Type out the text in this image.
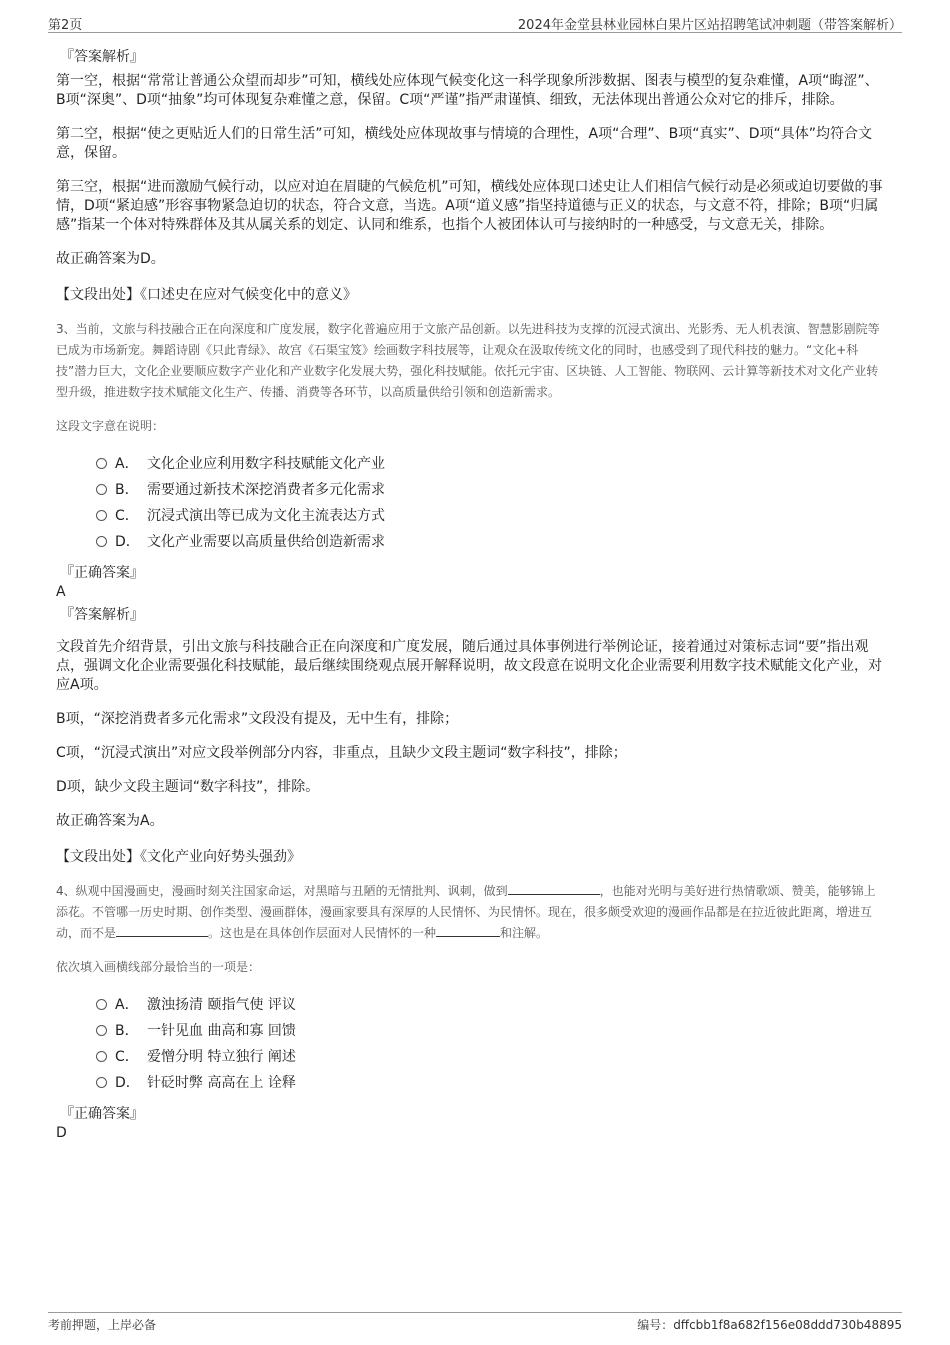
第2页	2024年金堂县林业园林白果片区站招聘笔试冲刺题（带答案解析）
『答案解析』

第一空，根据“常常让普通公众望而却步”可知，横线处应体现气候变化这一科学现象所涉数据、图表与模型的复杂难懂，A项“晦涩”、B项“深奥”、D项“抽象”均可体现复杂难懂之意，保留。C项“严谨”指严肃谨慎、细致，无法体现出普通公众对它的排斥，排除。

第二空，根据“使之更贴近人们的日常生活”可知，横线处应体现故事与情境的合理性，A项“合理”、B项“真实”、D项“具体”均符合文意，保留。

第三空，根据“进而激励气候行动，以应对迫在眉睫的气候危机”可知，横线处应体现口述史让人们相信气候行动是必须或迫切要做的事情，D项“紧迫感”形容事物紧急迫切的状态，符合文意，当选。A项“道义感”指坚持道德与正义的状态，与文意不符，排除；B项“归属感”指某一个体对特殊群体及其从属关系的划定、认同和维系，也指个人被团体认可与接纳时的一种感受，与文意无关，排除。

故正确答案为D。

【文段出处】《口述史在应对气候变化中的意义》
3、当前，文旅与科技融合正在向深度和广度发展，数字化普遍应用于文旅产品创新。以先进科技为支撑的沉浸式演出、光影秀、无人机表演、智慧影剧院等已成为市场新宠。舞蹈诗剧《只此青绿》、故宫《石渠宝笈》绘画数字科技展等，让观众在汲取传统文化的同时，也感受到了现代科技的魅力。“文化+科技”潜力巨大，文化企业要顺应数字产业化和产业数字化发展大势，强化科技赋能。依托元宇宙、区块链、人工智能、物联网、云计算等新技术对文化产业转型升级，推进数字技术赋能文化生产、传播、消费等各环节，以高质量供给引领和创造新需求。
这段文字意在说明：
A． 文化企业应利用数字科技赋能文化产业
B． 需要通过新技术深挖消费者多元化需求
C． 沉浸式演出等已成为文化主流表达方式
D． 文化产业需要以高质量供给创造新需求
『正确答案』
A
『答案解析』

文段首先介绍背景，引出文旅与科技融合正在向深度和广度发展，随后通过具体事例进行举例论证，接着通过对策标志词“要”指出观点，强调文化企业需要强化科技赋能，最后继续围绕观点展开解释说明，故文段意在说明文化企业需要利用数字技术赋能文化产业，对应A项。

B项，“深挖消费者多元化需求”文段没有提及，无中生有，排除；

C项，“沉浸式演出”对应文段举例部分内容，非重点，且缺少文段主题词“数字科技”，排除；

D项，缺少文段主题词“数字科技”，排除。

故正确答案为A。

【文段出处】《文化产业向好势头强劲》
4、纵观中国漫画史，漫画时刻关注国家命运，对黑暗与丑陋的无情批判、讽刺，做到	，也能对光明与美好进行热情歌颂、赞美，能够锦上添花。不管哪一历史时期、创作类型、漫画群体，漫画家要具有深厚的人民情怀、为民情怀。现在，很多颇受欢迎的漫画作品都是在拉近彼此距离，增进互动，而不是	。这也是在具体创作层面对人民情怀的一种	和注解。
依次填入画横线部分最恰当的一项是：
A． 激浊扬清 颐指气使 评议
B． 一针见血 曲高和寡 回馈
C． 爱憎分明 特立独行 阐述
D． 针砭时弊 高高在上 诠释
『正确答案』
D
考前押题，上岸必备	编号：dffcbb1f8a682f156e08ddd730b48895
